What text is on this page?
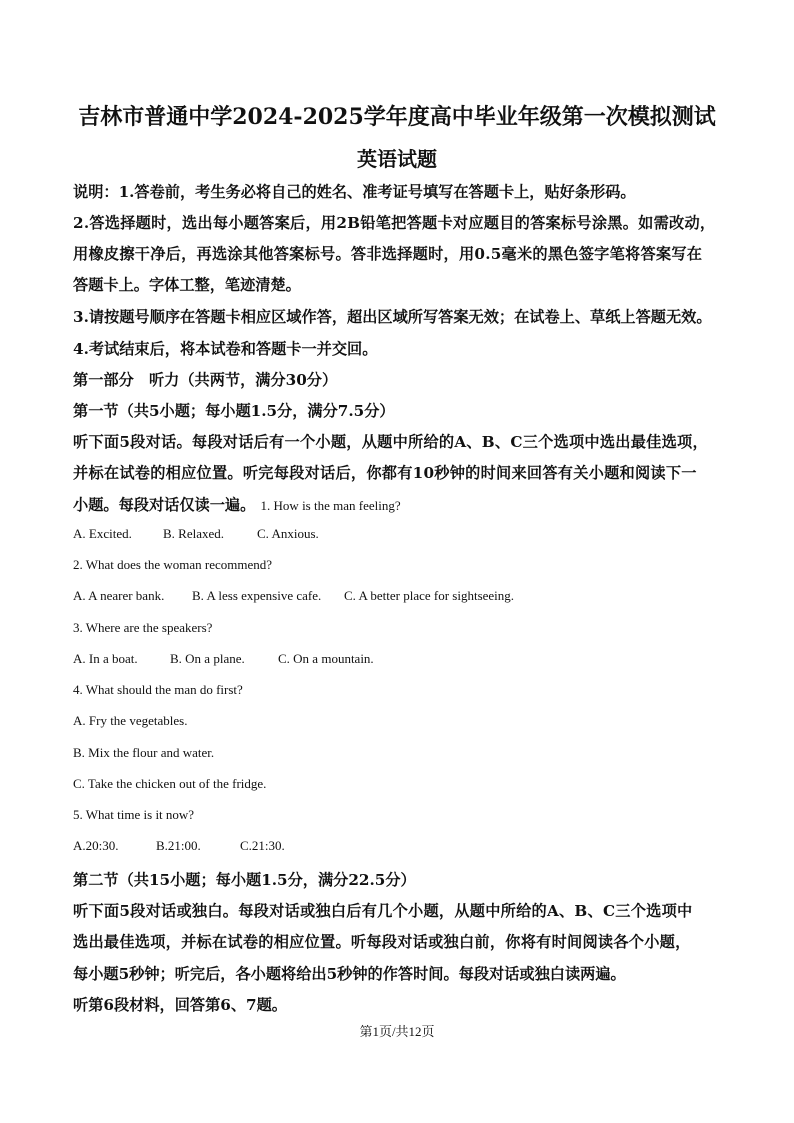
吉林市普通中学2024-2025学年度高中毕业年级第一次模拟测试
英语试题
说明：1.答卷前，考生务必将自己的姓名、准考证号填写在答题卡上，贴好条形码。
2.答选择题时，选出每小题答案后，用2B铅笔把答题卡对应题目的答案标号涂黑。如需改动，
用橡皮擦干净后，再选涂其他答案标号。答非选择题时，用0.5毫米的黑色签字笔将答案写在
答题卡上。字体工整，笔迹清楚。
3.请按题号顺序在答题卡相应区域作答，超出区域所写答案无效；在试卷上、草纸上答题无效。
4.考试结束后，将本试卷和答题卡一并交回。
第一部分　听力（共两节，满分30分）
第一节（共5小题；每小题1.5分，满分7.5分）
听下面5段对话。每段对话后有一个小题，从题中所给的A、B、C三个选项中选出最佳选项，
并标在试卷的相应位置。听完每段对话后，你都有10秒钟的时间来回答有关小题和阅读下一
小题。每段对话仅读一遍。 1. How is the man feeling?
A. Excited. B. Relaxed.	C. Anxious.
2. What does the woman recommend?
A. A nearer bank. B. A less expensive cafe. C. A better place for sightseeing.
3. Where are the speakers?
A. In a boat. B. On a plane.	C. On a mountain.
4. What should the man do first?
A. Fry the vegetables.
B. Mix the flour and water.
C. Take the chicken out of the fridge.
5. What time is it now?
A.20:30.	B.21:00.	C.21:30.
第二节（共15小题；每小题1.5分，满分22.5分）
听下面5段对话或独白。每段对话或独白后有几个小题，从题中所给的A、B、C三个选项中
选出最佳选项，并标在试卷的相应位置。听每段对话或独白前，你将有时间阅读各个小题，
每小题5秒钟；听完后，各小题将给出5秒钟的作答时间。每段对话或独白读两遍。
听第6段材料，回答第6、7题。
第1页/共12页
